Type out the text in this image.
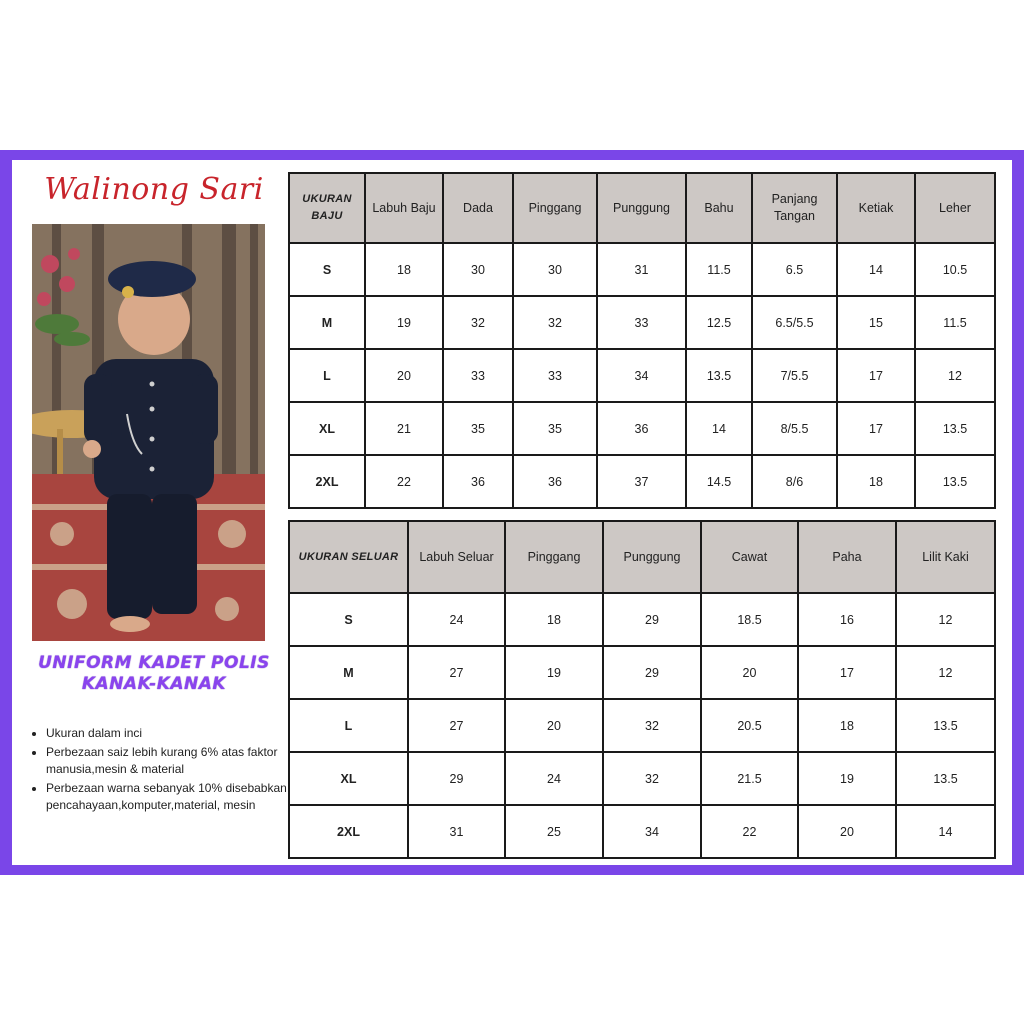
Walinong Sari
UNIFORM KADET POLIS
KANAK-KANAK
• Ukuran dalam inci
• Perbezaan saiz lebih kurang 6% atas faktor manusia,mesin & material
• Perbezaan warna sebanyak 10% disebabkan pencahayaan,komputer,material, mesin
UKURAN BAJU	Labuh Baju	Dada	Pinggang	Punggung	Bahu	Panjang Tangan	Ketiak	Leher
S	18	30	30	31	11.5	6.5	14	10.5
M	19	32	32	33	12.5	6.5/5.5	15	11.5
L	20	33	33	34	13.5	7/5.5	17	12
XL	21	35	35	36	14	8/5.5	17	13.5
2XL	22	36	36	37	14.5	8/6	18	13.5
UKURAN SELUAR	Labuh Seluar	Pinggang	Punggung	Cawat	Paha	Lilit Kaki
S	24	18	29	18.5	16	12
M	27	19	29	20	17	12
L	27	20	32	20.5	18	13.5
XL	29	24	32	21.5	19	13.5
2XL	31	25	34	22	20	14
